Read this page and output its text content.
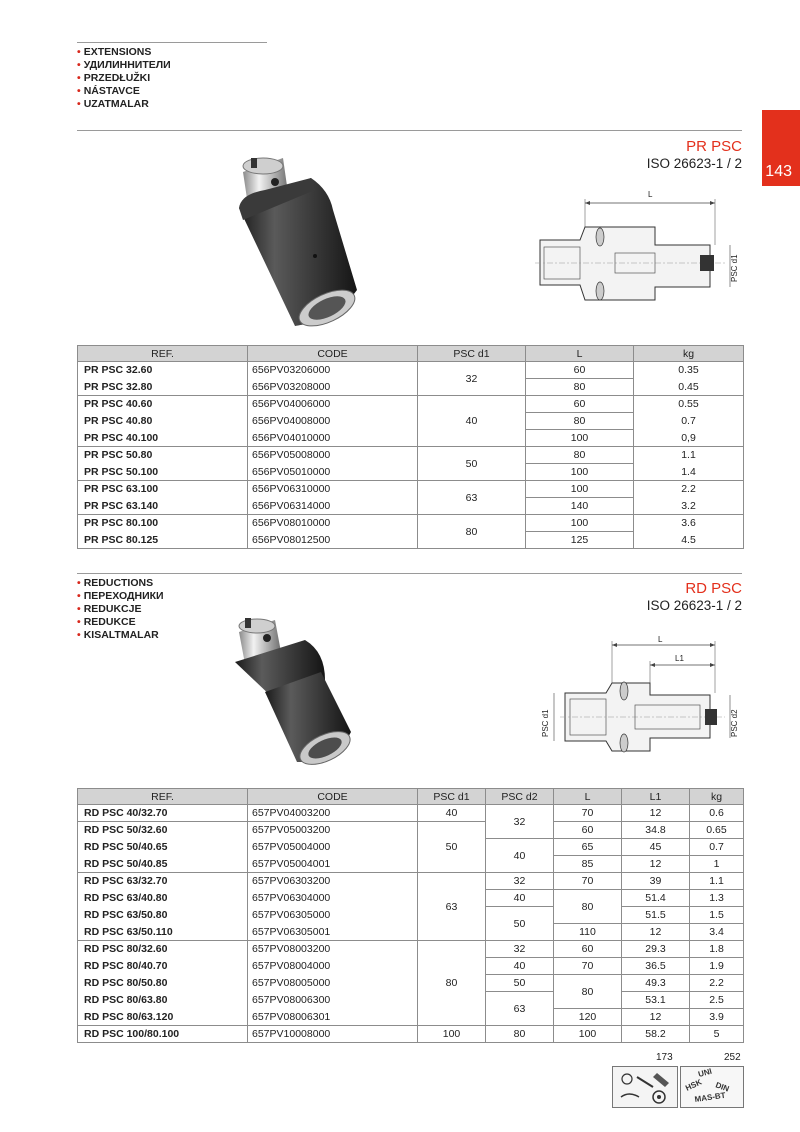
• EXTENSIONS
• УДИЛИННИТЕЛИ
• PRZEDŁUŽKI
• NÁSTAVCE
• UZATMALAR
143
PR PSC
ISO 26623-1 / 2
L
PSC d1
REF.	CODE	PSC d1	L	kg
PR PSC 32.60	656PV03206000	32	60	0.35
PR PSC 32.80	656PV03208000		80	0.45
PR PSC 40.60	656PV04006000	40	60	0.55
PR PSC 40.80	656PV04008000		80	0.7
PR PSC 40.100	656PV04010000		100	0,9
PR PSC 50.80	656PV05008000	50	80	1.1
PR PSC 50.100	656PV05010000		100	1.4
PR PSC 63.100	656PV06310000	63	100	2.2
PR PSC 63.140	656PV06314000		140	3.2
PR PSC 80.100	656PV08010000	80	100	3.6
PR PSC 80.125	656PV08012500		125	4.5
• REDUCTIONS
• ПЕРЕХОДНИКИ
• REDUKCJE
• REDUKCE
• KISALTMALAR
RD PSC
ISO 26623-1 / 2
L
L1
PSC d1	PSC d2
REF.	CODE	PSC d1	PSC d2	L	L1	kg
RD PSC 40/32.70	657PV04003200	40	32	70	12	0.6
RD PSC 50/32.60	657PV05003200	50		60	34.8	0.65
RD PSC 50/40.65	657PV05004000		40	65	45	0.7
RD PSC 50/40.85	657PV05004001			85	12	1
RD PSC 63/32.70	657PV06303200	63	32	70	39	1.1
RD PSC 63/40.80	657PV06304000		40	80	51.4	1.3
RD PSC 63/50.80	657PV06305000		50		51.5	1.5
RD PSC 63/50.110	657PV06305001			110	12	3.4
RD PSC 80/32.60	657PV08003200	80	32	60	29.3	1.8
RD PSC 80/40.70	657PV08004000		40	70	36.5	1.9
RD PSC 80/50.80	657PV08005000		50	80	49.3	2.2
RD PSC 80/63.80	657PV08006300		63		53.1	2.5
RD PSC 80/63.120	657PV08006301			120	12	3.9
RD PSC 100/80.100	657PV10008000	100	80	100	58.2	5
173	252
UNI
HSK DIN
MAS-BT
